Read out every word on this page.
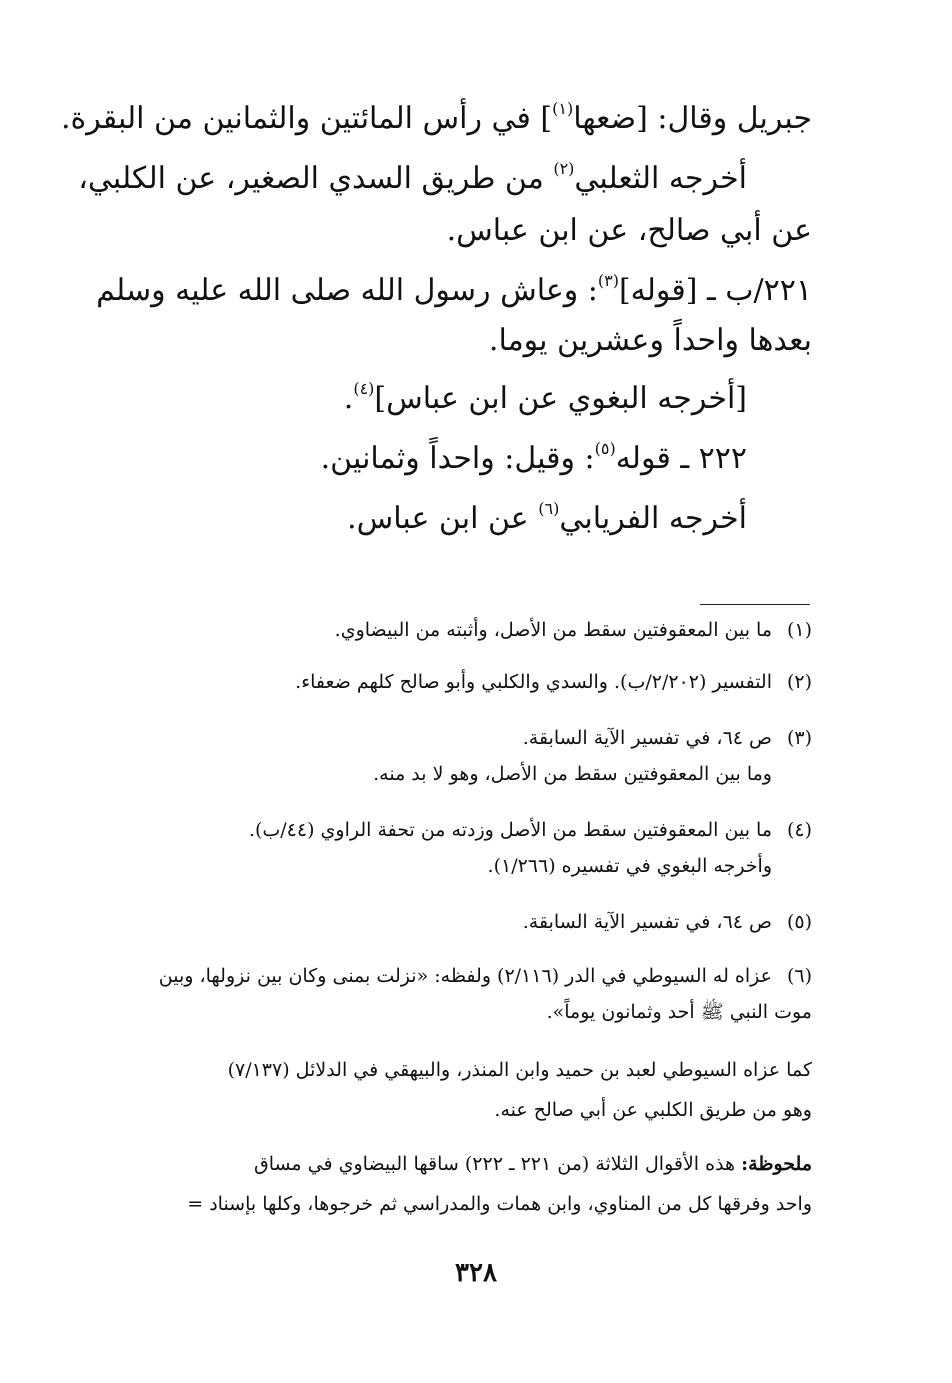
جبريل وقال: [ضعها$^{(١)}$] في رأس المائتين والثمانين من البقرة.
أخرجه الثعلبي$^{(٢)}$ من طريق السدي الصغير، عن الكلبي،
عن أبي صالح، عن ابن عباس.
٢٢١/ب ـ [قوله]$^{(٣)}$: وعاش رسول الله صلى الله عليه وسلم
بعدها واحداً وعشرين يوما.
[أخرجه البغوي عن ابن عباس]$^{(٤)}$.
٢٢٢ ـ قوله$^{(٥)}$: وقيل: واحداً وثمانين.
أخرجه الفريابي$^{(٦)}$ عن ابن عباس.
(١)ما بين المعقوفتين سقط من الأصل، وأثبته من البيضاوي.
(٢)التفسير (٢/٢٠٢/ب). والسدي والكلبي وأبو صالح كلهم ضعفاء.
(٣)ص ٦٤، في تفسير الآية السابقة.
وما بين المعقوفتين سقط من الأصل، وهو لا بد منه.
(٤)ما بين المعقوفتين سقط من الأصل وزدته من تحفة الراوي (٤٤/ب).
وأخرجه البغوي في تفسيره (١/٢٦٦).
(٥)ص ٦٤، في تفسير الآية السابقة.
(٦)عزاه له السيوطي في الدر (٢/١١٦) ولفظه: «نزلت بمنى وكان بين نزولها، وبين
موت النبي ﷺ أحد وثمانون يوماً».
كما عزاه السيوطي لعبد بن حميد وابن المنذر، والبيهقي في الدلائل (٧/١٣٧)
وهو من طريق الكلبي عن أبي صالح عنه.
ملحوظة: هذه الأقوال الثلاثة (من ٢٢١ ـ ٢٢٢) ساقها البيضاوي في مساق
واحد وفرقها كل من المناوي، وابن همات والمدراسي ثم خرجوها، وكلها بإسناد =
٣٢٨
